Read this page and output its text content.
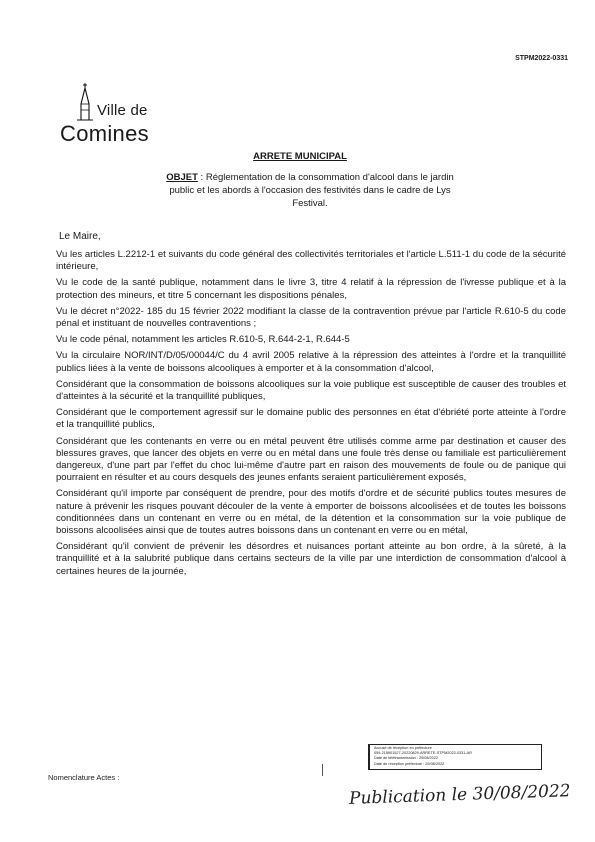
STPM2022-0331
Ville de
Comines
ARRETE MUNICIPAL
OBJET : Réglementation de la consommation d'alcool dans le jardin public et les abords à l'occasion des festivités dans le cadre de Lys Festival.
Le Maire,

Vu les articles L.2212-1 et suivants du code général des collectivités territoriales et l'article L.511-1 du code de la sécurité intérieure,

Vu le code de la santé publique, notamment dans le livre 3, titre 4 relatif à la répression de l'ivresse publique et à la protection des mineurs, et titre 5 concernant les dispositions pénales,

Vu le décret n°2022- 185 du 15 février 2022 modifiant la classe de la contravention prévue par l'article R.610-5 du code pénal et instituant de nouvelles contraventions ;

Vu le code pénal, notamment les articles R.610-5, R.644-2-1, R.644-5

Vu la circulaire NOR/INT/D/05/00044/C du 4 avril 2005 relative à la répression des atteintes à l'ordre et la tranquillité publics liées à la vente de boissons alcooliques à emporter et à la consommation d'alcool,

Considérant que la consommation de boissons alcooliques sur la voie publique est susceptible de causer des troubles et d'atteintes à la sécurité et la tranquillité publiques,

Considérant que le comportement agressif sur le domaine public des personnes en état d'ébriété porte atteinte à l'ordre et la tranquillité publics,

Considérant que les contenants en verre ou en métal peuvent être utilisés comme arme par destination et causer des blessures graves, que lancer des objets en verre ou en métal dans une foule très dense ou familiale est particulièrement dangereux, d'une part par l'effet du choc lui-même d'autre part en raison des mouvements de foule ou de panique qui pourraient en résulter et au cours desquels des jeunes enfants seraient particulièrement exposés,

Considérant qu'il importe par conséquent de prendre, pour des motifs d'ordre et de sécurité publics toutes mesures de nature à prévenir les risques pouvant découler de la vente à emporter de boissons alcoolisées et de toutes les boissons conditionnées dans un contenant en verre ou en métal, de la détention et la consommation sur la voie publique de boissons alcoolisées ainsi que de toutes autres boissons dans un contenant en verre ou en métal,

Considérant qu'il convient de prévenir les désordres et nuisances portant atteinte au bon ordre, à la sûreté, à la tranquillité et à la salubrité publique dans certains secteurs de la ville par une interdiction de consommation d'alcool à certaines heures de la journée,

Accusé de réception en préfecture
059-215901527-20220829-ARRETE-STPM2022-0331-AR
Date de télétransmission : 29/08/2022
Date de réception préfecture : 29/08/2022
Nomenclature Actes :
Publication le 30/08/2022
